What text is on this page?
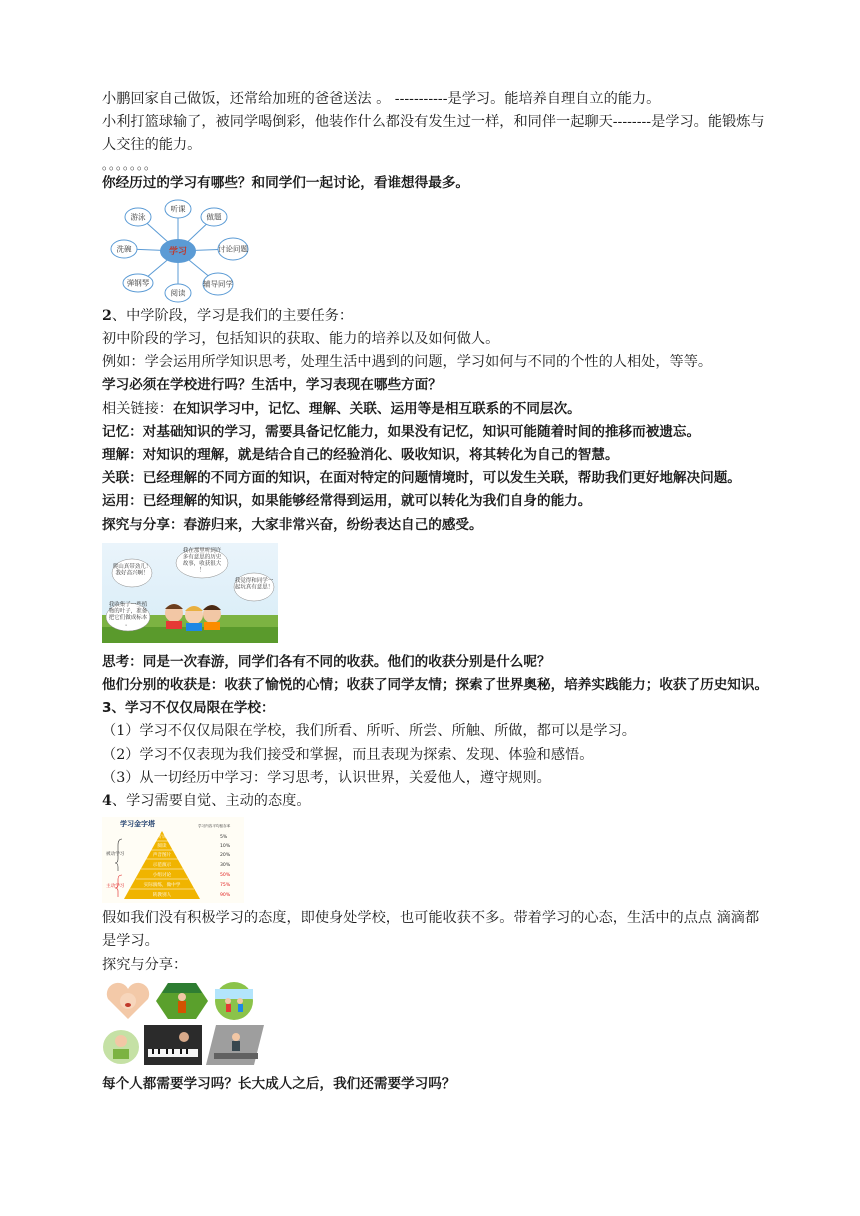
小鹏回家自己做饭，还常给加班的爸爸送法 。 -----------是学习。能培养自理自立的能力。

小利打篮球输了，被同学喝倒彩，他装作什么都没有发生过一样，和同伴一起聊天--------是学习。能锻炼与人交往的能力。

。。。。。。。

你经历过的学习有哪些？和同学们一起讨论，看谁想得最多。

学习
听课
做题
讨论问题
辅导同学
阅读
弹钢琴
洗碗
游泳

2、中学阶段，学习是我们的主要任务：

初中阶段的学习，包括知识的获取、能力的培养以及如何做人。

例如：学会运用所学知识思考，处理生活中遇到的问题，学习如何与不同的个性的人相处，等等。

学习必须在学校进行吗？生活中，学习表现在哪些方面？

相关链接：在知识学习中，记忆、理解、关联、运用等是相互联系的不同层次。

记忆：对基础知识的学习，需要具备记忆能力，如果没有记忆，知识可能随着时间的推移而被遗忘。

理解：对知识的理解，就是结合自己的经验消化、吸收知识，将其转化为自己的智慧。

关联：已经理解的不同方面的知识，在面对特定的问题情境时，可以发生关联，帮助我们更好地解决问题。

运用：已经理解的知识，如果能够经常得到运用，就可以转化为我们自身的能力。

探究与分享：春游归来，大家非常兴奋，纷纷表达自己的感受。

爬山真带劲儿！我好高兴啊！
我在那里听到许多有意思的历史故事，收获很大！
我觉得和同学一起玩真有意思！
我收集了一些植物的叶子，准备把它们做成标本。

思考：同是一次春游，同学们各有不同的收获。他们的收获分别是什么呢？

他们分别的收获是：收获了愉悦的心情；收获了同学友情；探索了世界奥秘，培养实践能力；收获了历史知识。

3、学习不仅仅局限在学校：

（1）学习不仅仅局限在学校，我们所看、所听、所尝、所触、所做，都可以是学习。

（2）学习不仅表现为我们接受和掌握，而且表现为探索、发现、体验和感悟。

（3）从一切经历中学习：学习思考，认识世界，关爱他人，遵守规则。

4、学习需要自觉、主动的态度。

学习金字塔	学习内容平均留存率
被动学习
主动学习
听讲
阅读
声音图片
示范演示
小组讨论
实际演练，做中学
转教别人
5%
10%
20%
30%
50%
75%
90%

假如我们没有积极学习的态度，即使身处学校，也可能收获不多。带着学习的心态，生活中的点点 滴滴都是学习。

探究与分享：

每个人都需要学习吗？长大成人之后，我们还需要学习吗？
